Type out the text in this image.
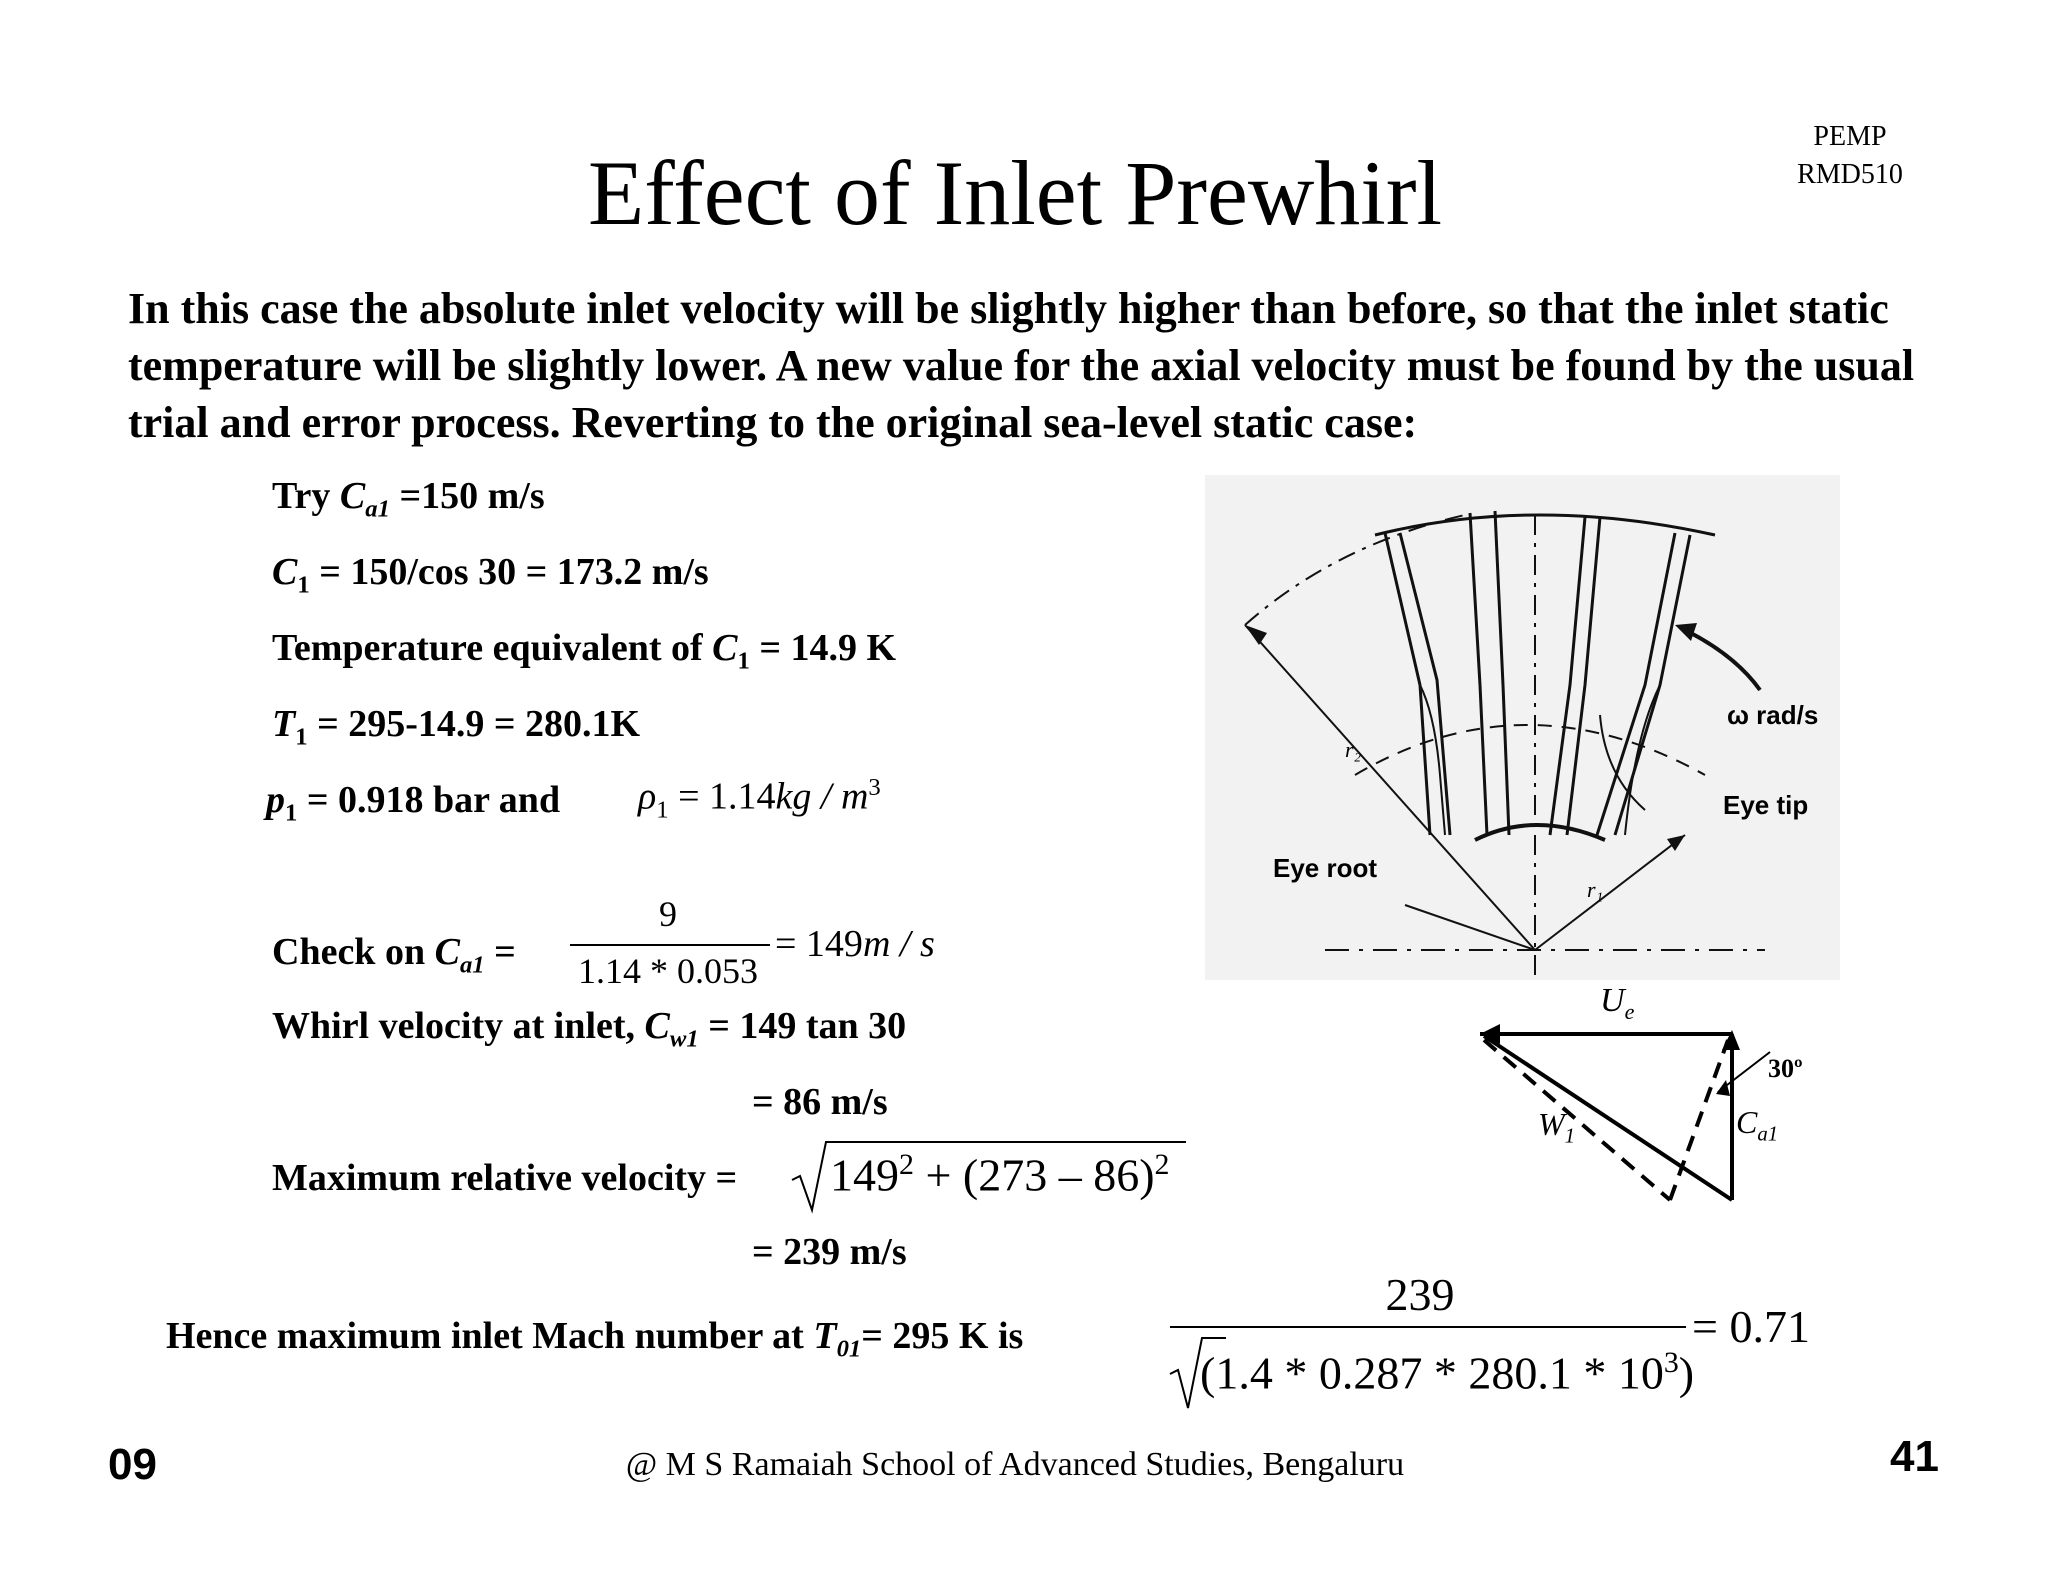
Effect of Inlet Prewhirl
PEMP
RMD510
In this case the absolute inlet velocity will be slightly higher than before, so that the inlet static temperature will be slightly lower. A new value for the axial velocity must be found by the usual trial and error process. Reverting to the original sea-level static case:
Try $C_{a1} =150$ m/s
$C_1 = 150/\cos$ 30 = 173.2 m/s
Temperature equivalent of $C_1 = 14.9$ K
$T_1 = 295-14.9 = 280.1K$
$p_1 = 0.918$ bar and $\rho_1 = 1.14kg / m^3$
Check on $C_{a1}$ =
9
1.14 * 0.053
= 149m / s
Whirl velocity at inlet, $C_{w1} = 149$ tan 30
= 86 m/s
Maximum relative velocity = $149^2 + (273 - 86)^2$
= 239 m/s
Hence maximum inlet Mach number at $T_{01}= 295$ K is
239
$(1.4 * 0.287 * 280.1 * 10^3)$
= 0.71
ω rad/s
Eye tip
Eye root
r₂
r₁
$U_e$
30º
$W_1$	$C_{a1}$
09	@ M S Ramaiah School of Advanced Studies, Bengaluru	41
